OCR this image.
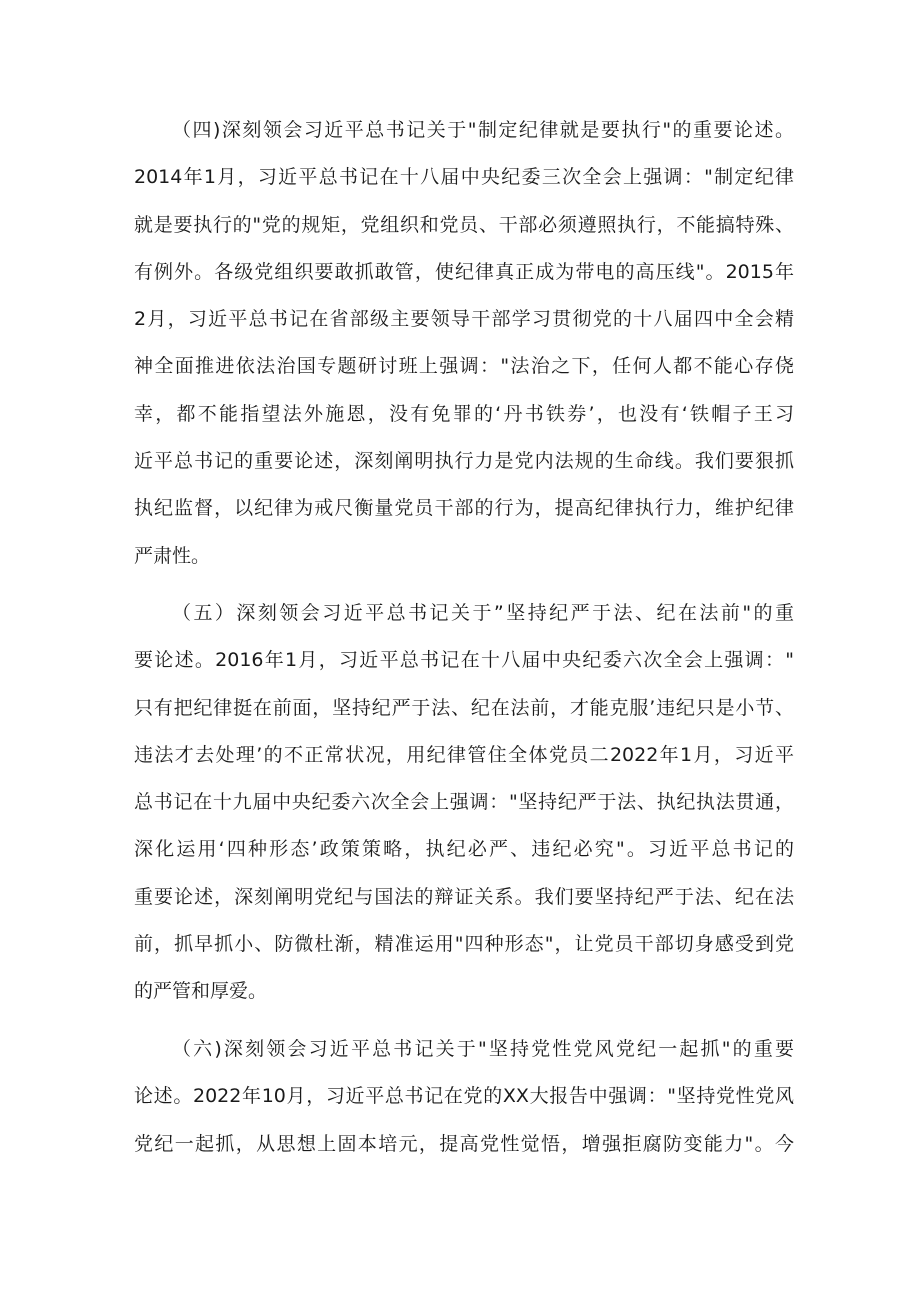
（四)深刻领会习近平总书记关于"制定纪律就是要执行"的重要论述。
2014年1月，习近平总书记在十八届中央纪委三次全会上强调："制定纪律
就是要执行的"党的规矩，党组织和党员、干部必须遵照执行，不能搞特殊、
有例外。各级党组织要敢抓敢管，使纪律真正成为带电的高压线"。2015年
2月，习近平总书记在省部级主要领导干部学习贯彻党的十八届四中全会精
神全面推进依法治国专题研讨班上强调："法治之下，任何人都不能心存侥
幸，都不能指望法外施恩，没有免罪的‘丹书铁券’，也没有‘铁帽子王习
近平总书记的重要论述，深刻阐明执行力是党内法规的生命线。我们要狠抓
执纪监督，以纪律为戒尺衡量党员干部的行为，提高纪律执行力，维护纪律
严肃性。
（五）深刻领会习近平总书记关于”坚持纪严于法、纪在法前"的重
要论述。2016年1月，习近平总书记在十八届中央纪委六次全会上强调："
只有把纪律挺在前面，坚持纪严于法、纪在法前，才能克服’违纪只是小节、
违法才去处理’的不正常状况，用纪律管住全体党员二2022年1月，习近平
总书记在十九届中央纪委六次全会上强调："坚持纪严于法、执纪执法贯通，
深化运用‘四种形态’政策策略，执纪必严、违纪必究"。习近平总书记的
重要论述，深刻阐明党纪与国法的辩证关系。我们要坚持纪严于法、纪在法
前，抓早抓小、防微杜渐，精准运用"四种形态"，让党员干部切身感受到党
的严管和厚爱。
（六)深刻领会习近平总书记关于"坚持党性党风党纪一起抓"的重要
论述。2022年10月，习近平总书记在党的XX大报告中强调："坚持党性党风
党纪一起抓，从思想上固本培元，提高党性觉悟，增强拒腐防变能力"。今
